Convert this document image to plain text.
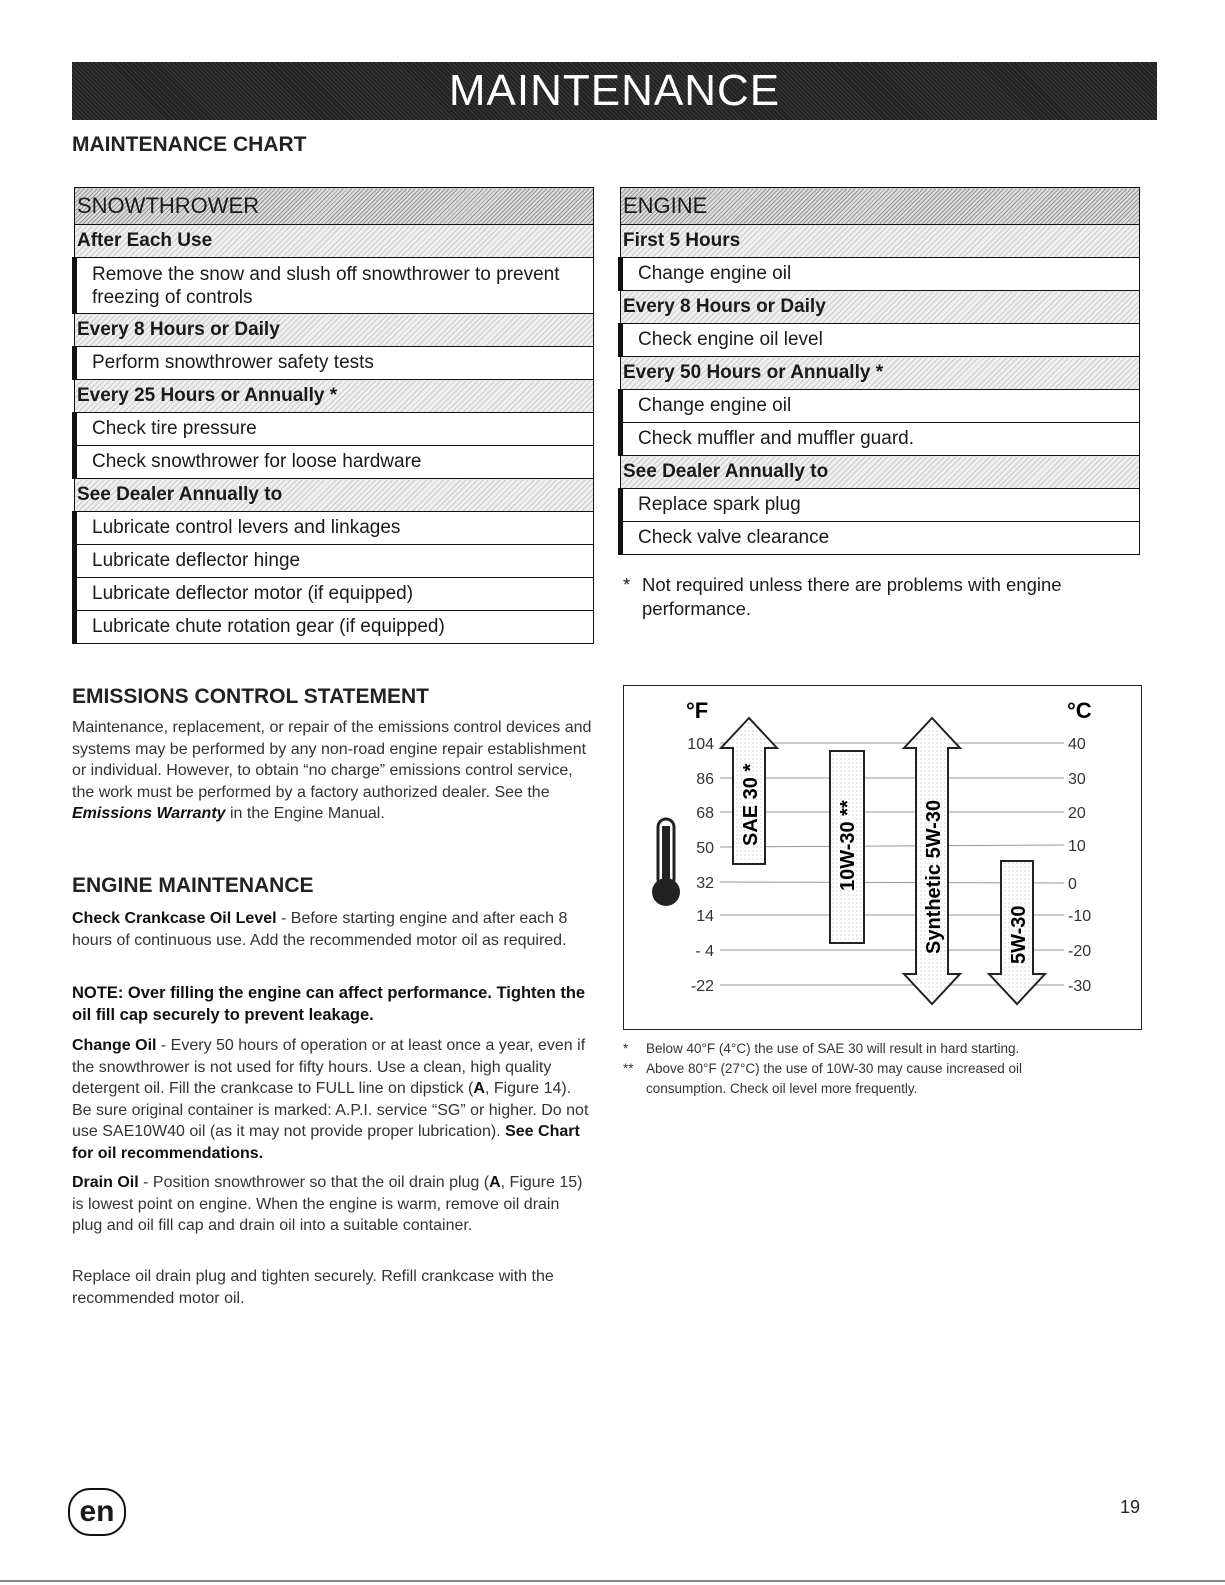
MAINTENANCE
MAINTENANCE CHART
SNOWTHROWER
After Each Use
Remove the snow and slush off snowthrower to prevent
freezing of controls
Every 8 Hours or Daily
Perform snowthrower safety tests
Every 25 Hours or Annually *
Check tire pressure
Check snowthrower for loose hardware
See Dealer Annually to
Lubricate control levers and linkages
Lubricate deflector hinge
Lubricate deflector motor (if equipped)
Lubricate chute rotation gear (if equipped)
ENGINE
First 5 Hours
Change engine oil
Every 8 Hours or Daily
Check engine oil level
Every 50 Hours or Annually *
Change engine oil
Check muffler and muffler guard.
See Dealer Annually to
Replace spark plug
Check valve clearance
* Not required unless there are problems with engine
performance.
EMISSIONS CONTROL STATEMENT
Maintenance, replacement, or repair of the emissions control devices and systems may be performed by any non-road engine repair establishment or individual. However, to obtain “no charge” emissions control service, the work must be performed by a factory authorized dealer. See the Emissions Warranty in the Engine Manual.
ENGINE MAINTENANCE
Check Crankcase Oil Level - Before starting engine and after each 8 hours of continuous use. Add the recommended motor oil as required.
NOTE: Over filling the engine can affect performance. Tighten the oil fill cap securely to prevent leakage.
Change Oil - Every 50 hours of operation or at least once a year, even if the snowthrower is not used for fifty hours. Use a clean, high quality detergent oil. Fill the crankcase to FULL line on dipstick (A, Figure 14). Be sure original container is marked: A.P.I. service “SG” or higher. Do not use SAE10W40 oil (as it may not provide proper lubrication). See Chart for oil recommendations.
Drain Oil - Position snowthrower so that the oil drain plug (A, Figure 15) is lowest point on engine. When the engine is warm, remove oil drain plug and oil fill cap and drain oil into a suitable container.
Replace oil drain plug and tighten securely. Refill crankcase with the recommended motor oil.
°F	°C
104
86
68
50
32
14
- 4
-22
40
30
20
10
0
-10
-20
-30
SAE 30 *	10W-30 **	Synthetic 5W-30	5W-30
* Below 40°F (4°C) the use of SAE 30 will result in hard starting.
** Above 80°F (27°C) the use of 10W-30 may cause increased oil
consumption. Check oil level more frequently.
en	19
